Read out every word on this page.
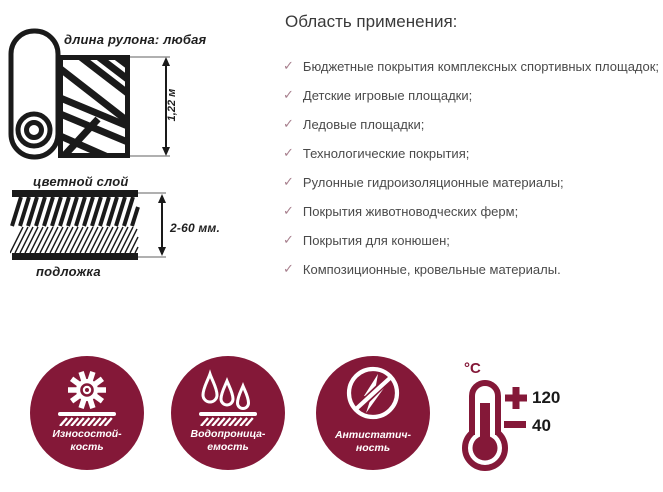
длина рулона: любая
1,22 м
цветной слой
2-60 мм.
подложка
Область применения:
✓ Бюджетные покрытия комплексных спортивных площадок;
✓ Детские игровые площадки;
✓ Ледовые площадки;
✓ Технологические покрытия;
✓ Рулонные гидроизоляционные материалы;
✓ Покрытия животноводческих ферм;
✓ Покрытия для конюшен;
✓ Композиционные, кровельные материалы.
Износостой-
кость
Водопроница-
емость
Антистатич-
ность
°C
120
40
